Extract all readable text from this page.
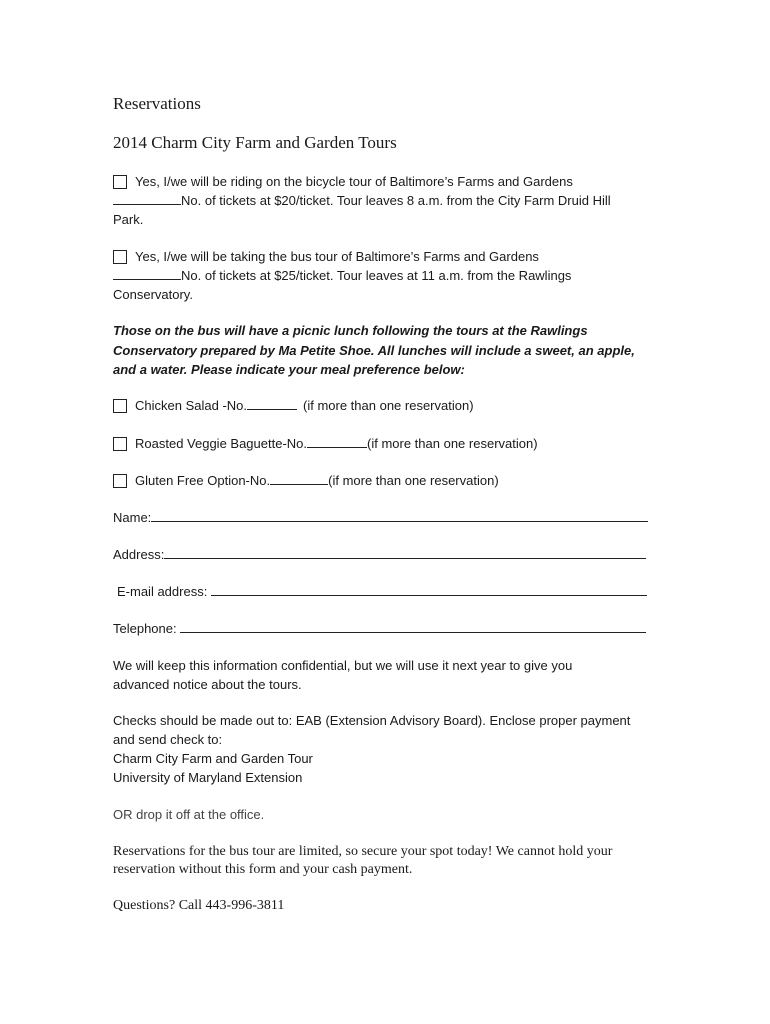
Reservations
2014 Charm City Farm and Garden Tours
Yes, I/we will be riding on the bicycle tour of Baltimore’s Farms and Gardens
No. of tickets at $20/ticket. Tour leaves 8 a.m. from the City Farm Druid Hill
Park.
Yes, I/we will be taking the bus tour of Baltimore’s Farms and Gardens
No. of tickets at $25/ticket. Tour leaves at 11 a.m. from the Rawlings
Conservatory.
Those on the bus will have a picnic lunch following the tours at the Rawlings
Conservatory prepared by Ma Petite Shoe. All lunches will include a sweet, an apple,
and a water. Please indicate your meal preference below:
Chicken Salad -No.	(if more than one reservation)
Roasted Veggie Baguette-No.	(if more than one reservation)
Gluten Free Option-No.	(if more than one reservation)
Name:
Address:
E-mail address:
Telephone:
We will keep this information confidential, but we will use it next year to give you
advanced notice about the tours.
Checks should be made out to: EAB (Extension Advisory Board). Enclose proper payment
and send check to:
Charm City Farm and Garden Tour
University of Maryland Extension
OR drop it off at the office.
Reservations for the bus tour are limited, so secure your spot today! We cannot hold your
reservation without this form and your cash payment.
Questions? Call 443-996-3811
